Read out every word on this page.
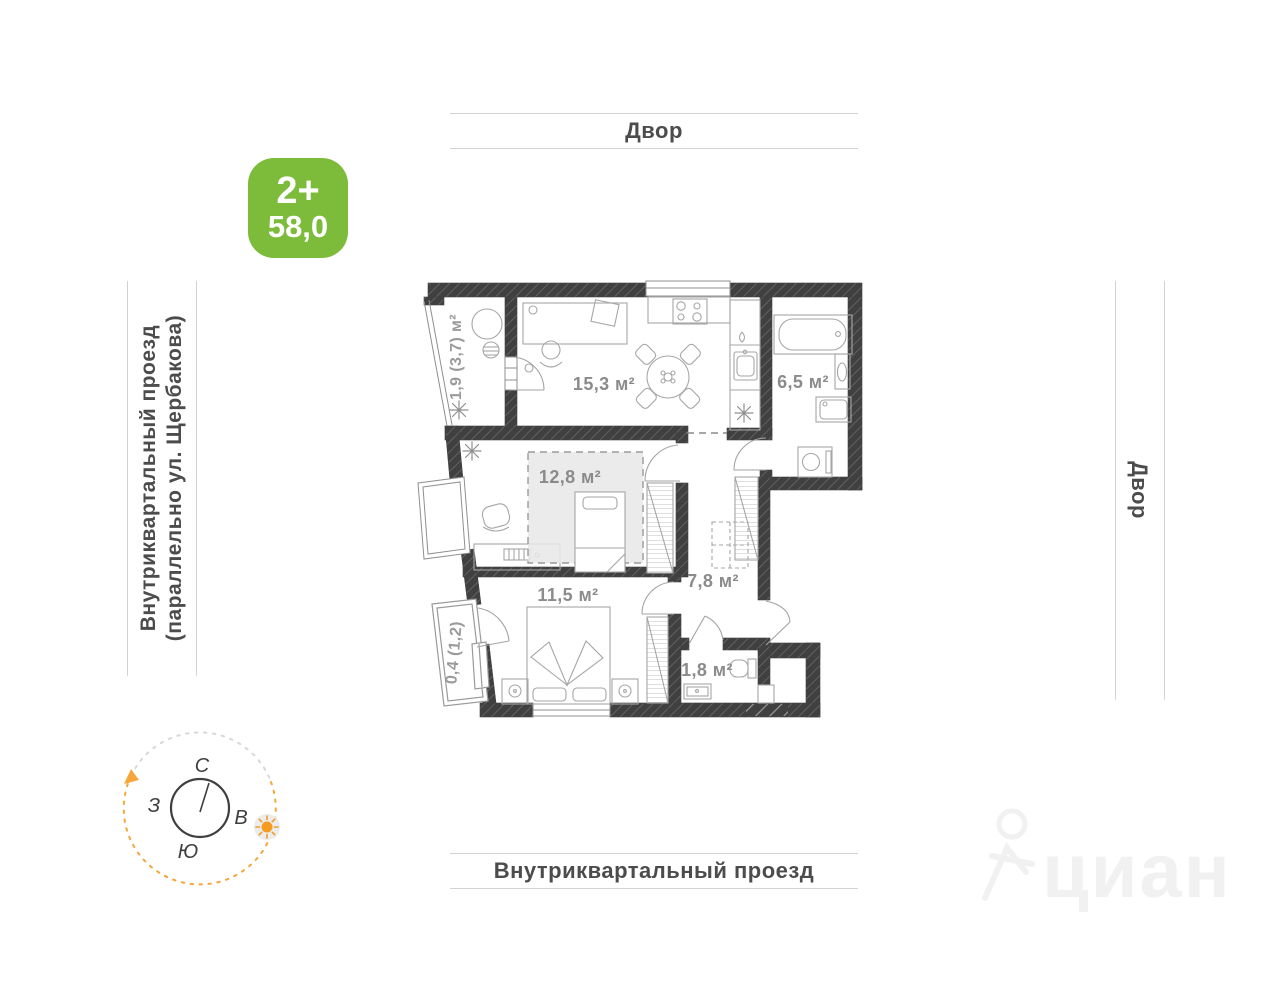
Двор
Внутриквартальный проезд
Внутриквартальный проезд (параллельно ул. Щербакова)	Двор
2+
58,0
15,3 м²	6,5 м²
12,8 м²
7,8 м²
11,5 м²
1,8 м²
1,9 (3,7) м²
0,4 (1,2)
С
В
Ю
З
циан
